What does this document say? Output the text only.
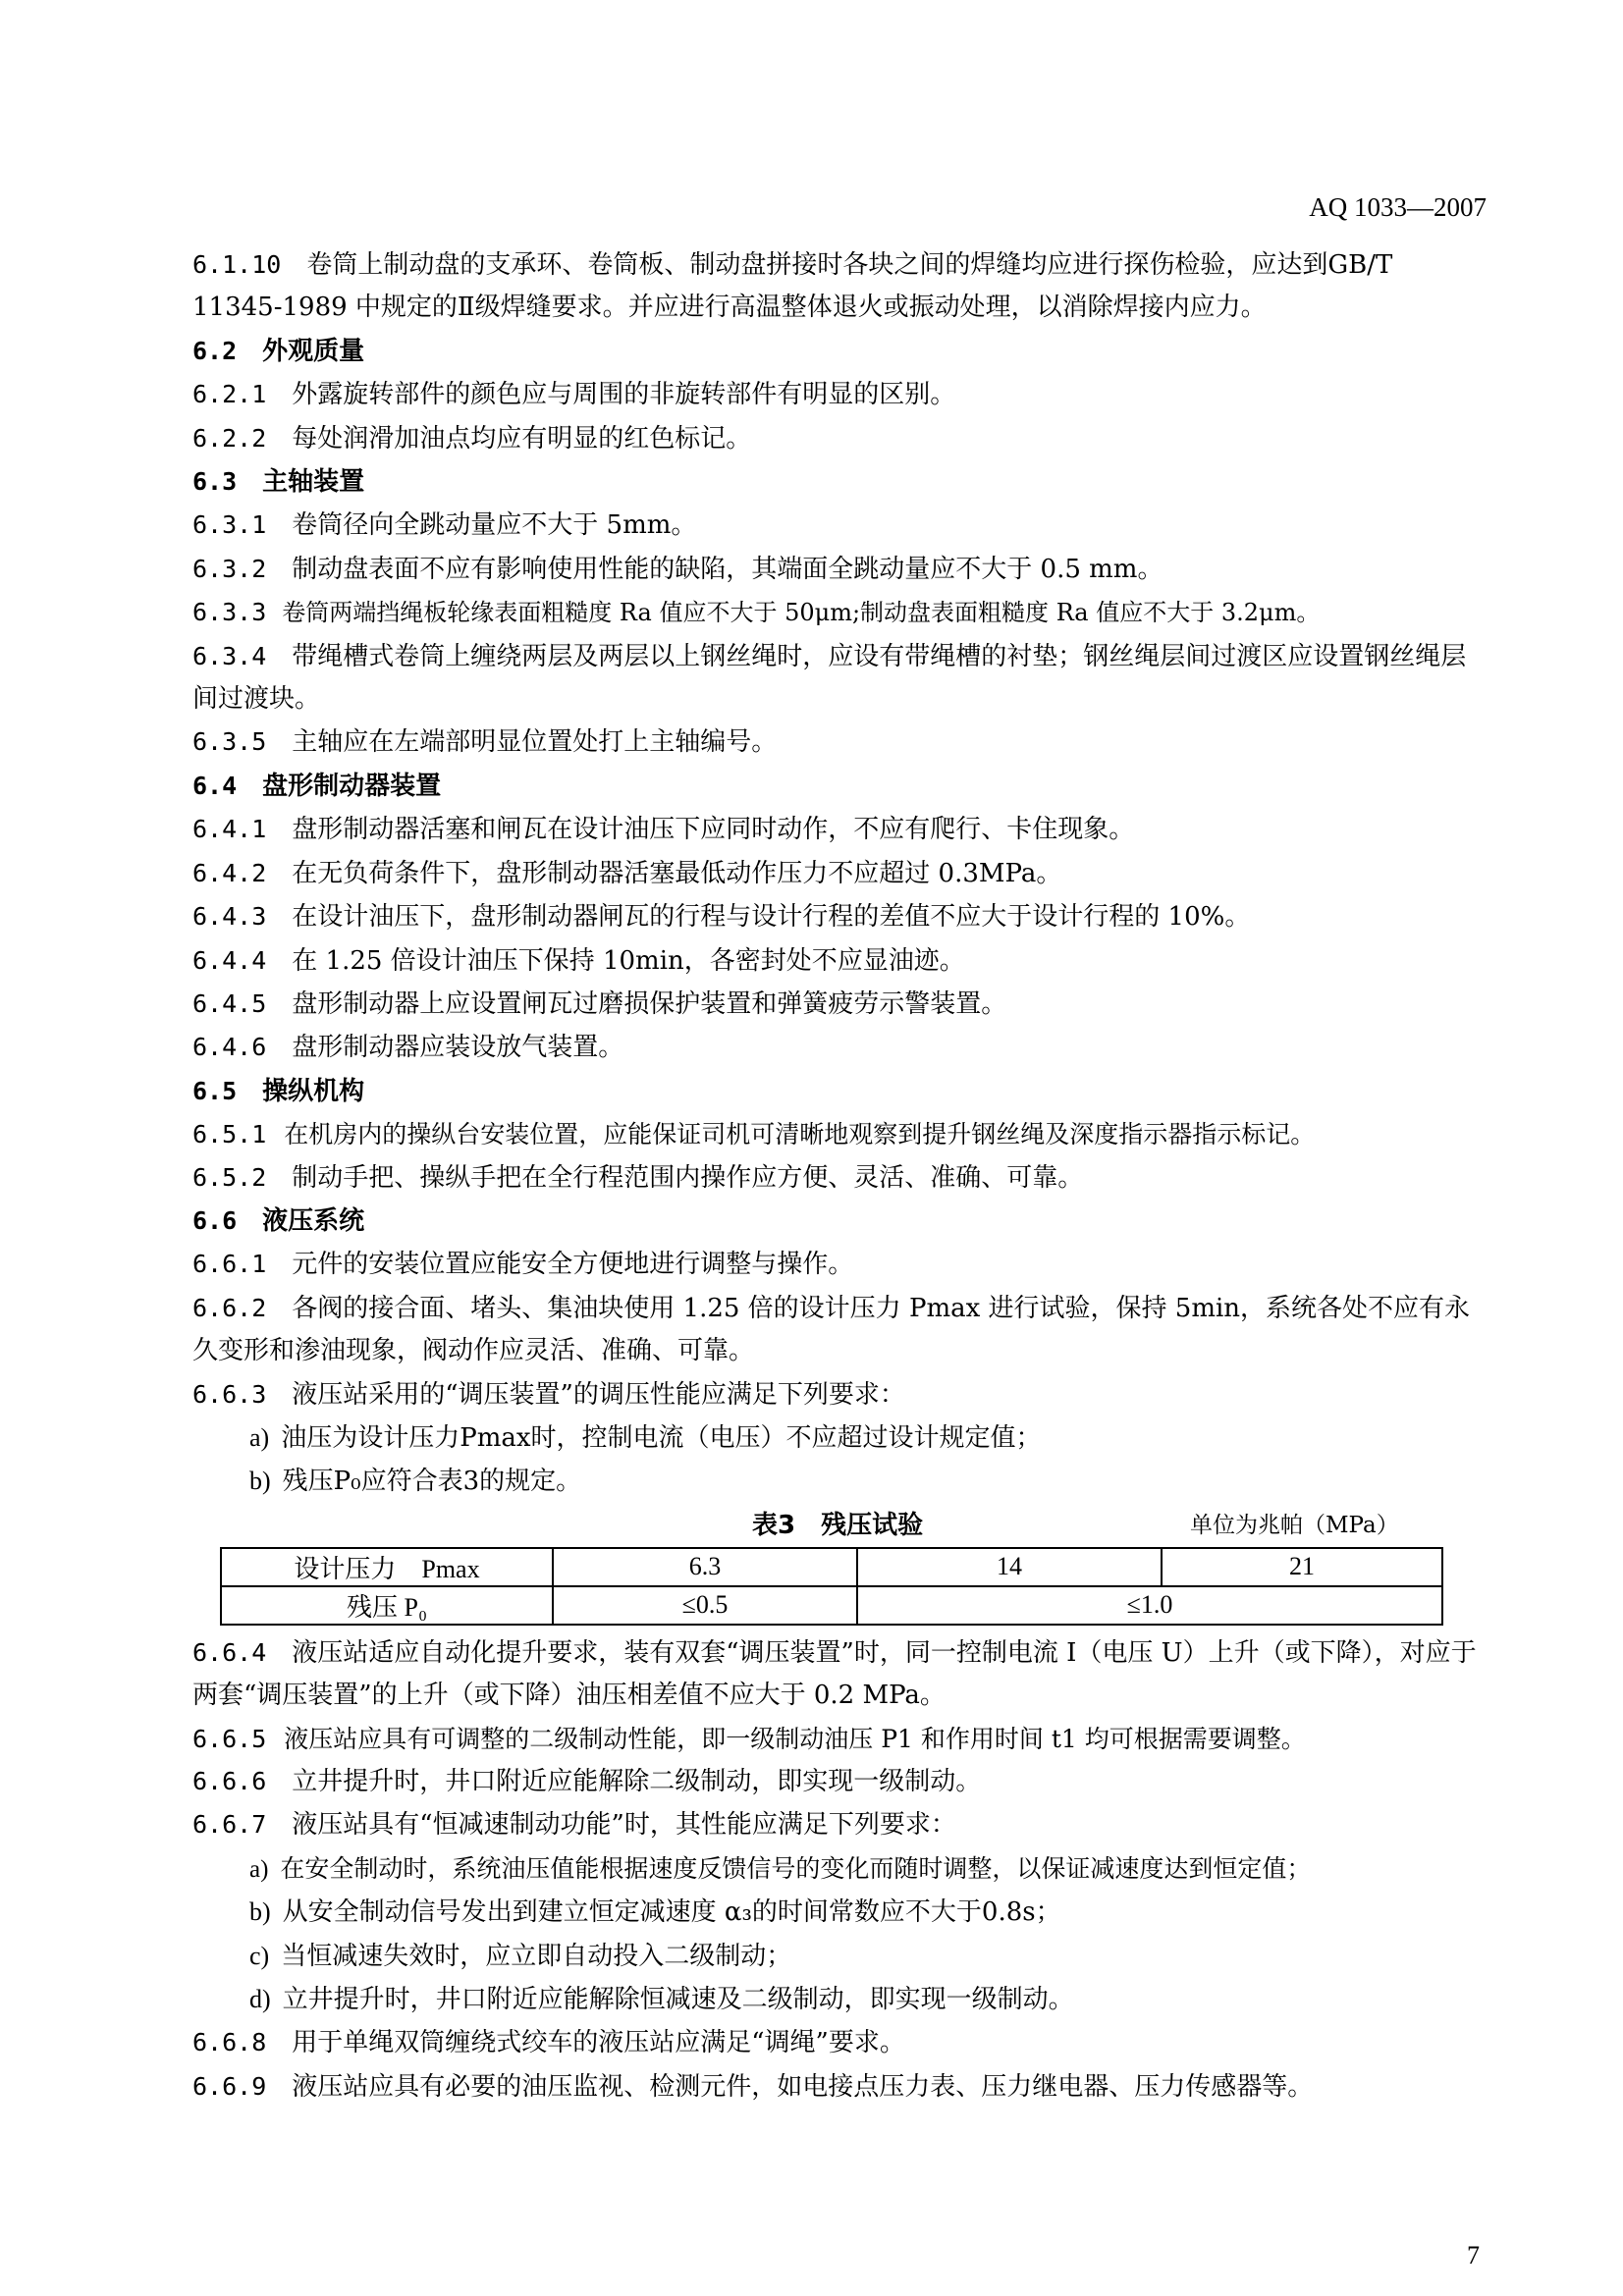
AQ 1033—2007
6.1.10 卷筒上制动盘的支承环、卷筒板、制动盘拼接时各块之间的焊缝均应进行探伤检验，应达到GB/T 11345-1989 中规定的Ⅱ级焊缝要求。并应进行高温整体退火或振动处理，以消除焊接内应力。
6.2 外观质量
6.2.1 外露旋转部件的颜色应与周围的非旋转部件有明显的区别。
6.2.2 每处润滑加油点均应有明显的红色标记。
6.3 主轴装置
6.3.1 卷筒径向全跳动量应不大于 5mm。
6.3.2 制动盘表面不应有影响使用性能的缺陷，其端面全跳动量应不大于 0.5 mm。
6.3.3 卷筒两端挡绳板轮缘表面粗糙度 Ra 值应不大于 50μm;制动盘表面粗糙度 Ra 值应不大于 3.2μm。
6.3.4 带绳槽式卷筒上缠绕两层及两层以上钢丝绳时，应设有带绳槽的衬垫；钢丝绳层间过渡区应设置钢丝绳层间过渡块。
6.3.5 主轴应在左端部明显位置处打上主轴编号。
6.4 盘形制动器装置
6.4.1 盘形制动器活塞和闸瓦在设计油压下应同时动作，不应有爬行、卡住现象。
6.4.2 在无负荷条件下，盘形制动器活塞最低动作压力不应超过 0.3MPa。
6.4.3 在设计油压下，盘形制动器闸瓦的行程与设计行程的差值不应大于设计行程的 10%。
6.4.4 在 1.25 倍设计油压下保持 10min，各密封处不应显油迹。
6.4.5 盘形制动器上应设置闸瓦过磨损保护装置和弹簧疲劳示警装置。
6.4.6 盘形制动器应装设放气装置。
6.5 操纵机构
6.5.1 在机房内的操纵台安装位置，应能保证司机可清晰地观察到提升钢丝绳及深度指示器指示标记。
6.5.2 制动手把、操纵手把在全行程范围内操作应方便、灵活、准确、可靠。
6.6 液压系统
6.6.1 元件的安装位置应能安全方便地进行调整与操作。
6.6.2 各阀的接合面、堵头、集油块使用 1.25 倍的设计压力 Pmax 进行试验，保持 5min，系统各处不应有永久变形和渗油现象，阀动作应灵活、准确、可靠。
6.6.3 液压站采用的“调压装置”的调压性能应满足下列要求：
a) 油压为设计压力Pmax时，控制电流（电压）不应超过设计规定值；
b) 残压P₀应符合表3的规定。
表3　残压试验	单位为兆帕（MPa）
设计压力　Pmax	6.3	14	21
残压 P₀	≤0.5	≤1.0	
6.6.4 液压站适应自动化提升要求，装有双套“调压装置”时，同一控制电流 I（电压 U）上升（或下降），对应于两套“调压装置”的上升（或下降）油压相差值不应大于 0.2 MPa。
6.6.5 液压站应具有可调整的二级制动性能，即一级制动油压 P1 和作用时间 t1 均可根据需要调整。
6.6.6 立井提升时，井口附近应能解除二级制动，即实现一级制动。
6.6.7 液压站具有“恒减速制动功能”时，其性能应满足下列要求：
a) 在安全制动时，系统油压值能根据速度反馈信号的变化而随时调整，以保证减速度达到恒定值；
b) 从安全制动信号发出到建立恒定减速度 α₃的时间常数应不大于0.8s；
c) 当恒减速失效时，应立即自动投入二级制动；
d) 立井提升时，井口附近应能解除恒减速及二级制动，即实现一级制动。
6.6.8 用于单绳双筒缠绕式绞车的液压站应满足“调绳”要求。
6.6.9 液压站应具有必要的油压监视、检测元件，如电接点压力表、压力继电器、压力传感器等。
7
